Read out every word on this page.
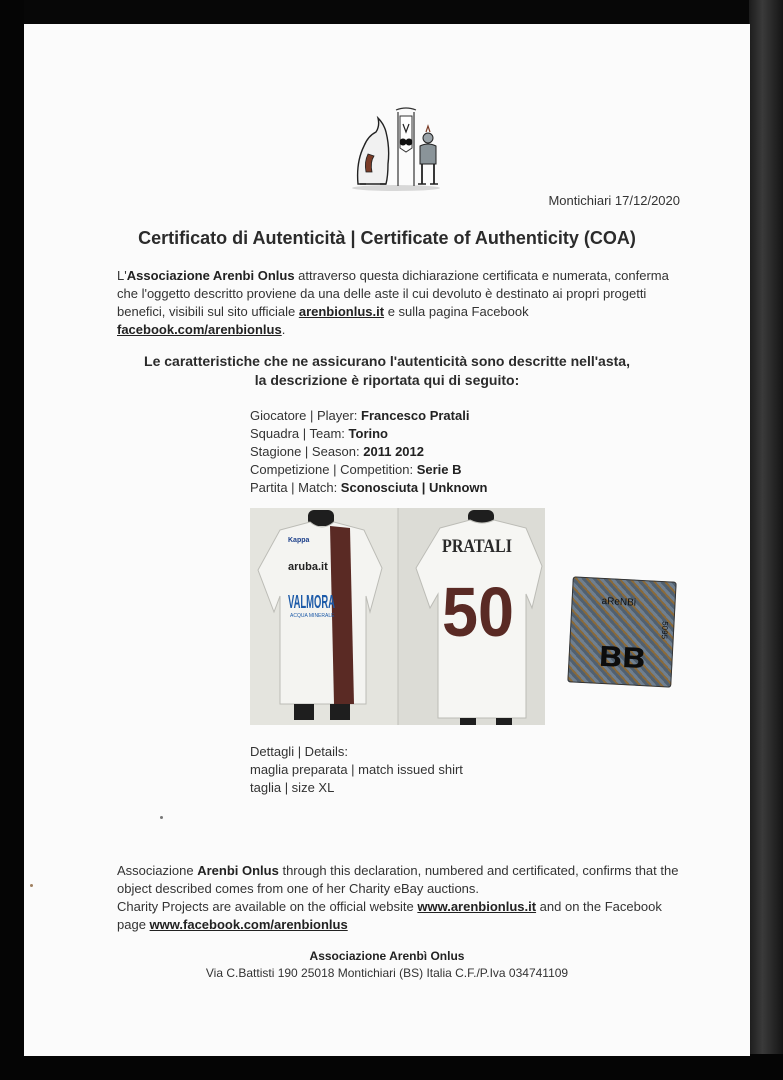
Montichiari 17/12/2020
Certificato di Autenticità | Certificate of Authenticity (COA)
L'Associazione Arenbi Onlus attraverso questa dichiarazione certificata e numerata, conferma che l'oggetto descritto proviene da una delle aste il cui devoluto è destinato ai propri progetti benefici, visibili sul sito ufficiale arenbionlus.it e sulla pagina Facebook facebook.com/arenbionlus.
Le caratteristiche che ne assicurano l'autenticità sono descritte nell'asta,
la descrizione è riportata qui di seguito:
Giocatore | Player: Francesco Pratali
Squadra | Team: Torino
Stagione | Season: 2011 2012
Competizione | Competition: Serie B
Partita | Match: Sconosciuta | Unknown
Kappa
aruba.it
VALMORA
ACQUA MINERALE
PRATALI
50	aReNBi
5095
ʙʙ
Dettagli | Details:
maglia preparata | match issued shirt
taglia | size XL
Associazione Arenbi Onlus through this declaration, numbered and certificated, confirms that the object described comes from one of her Charity eBay auctions.
Charity Projects are available on the official website www.arenbionlus.it and on the Facebook page www.facebook.com/arenbionlus
Associazione Arenbì Onlus
Via C.Battisti 190 25018 Montichiari (BS) Italia C.F./P.Iva 034741109
